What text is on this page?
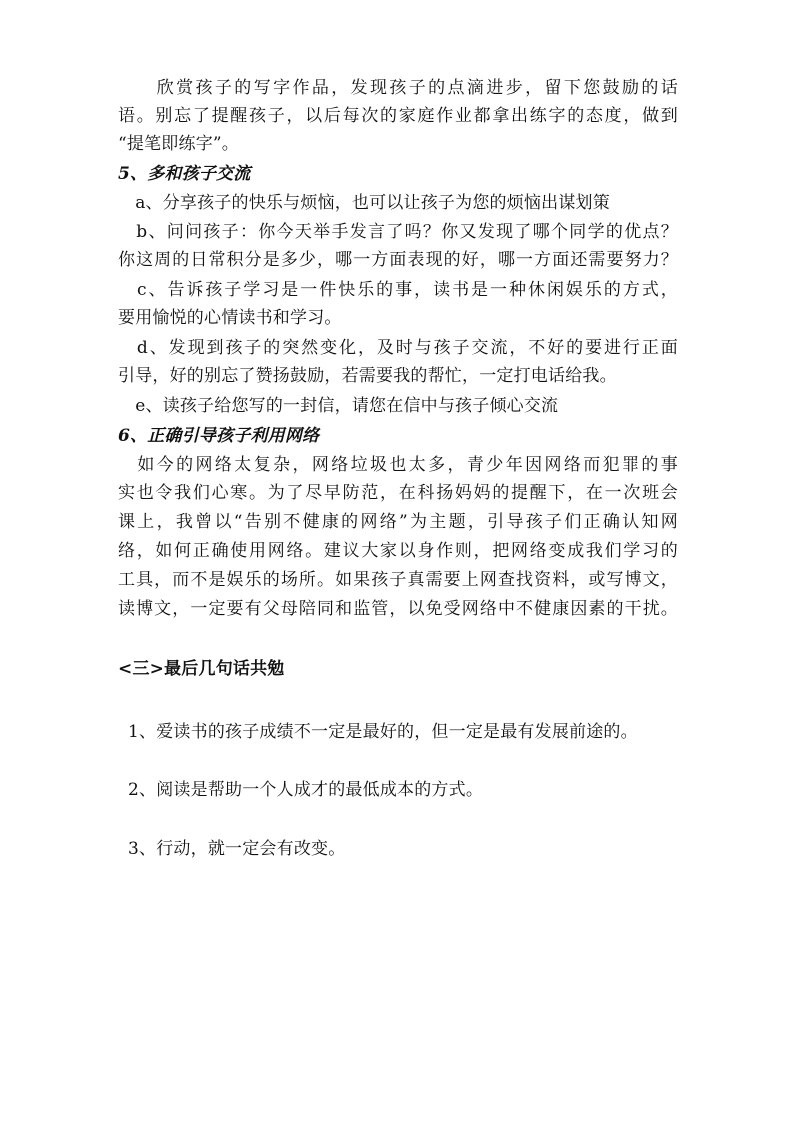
　　欣赏孩子的写字作品，发现孩子的点滴进步，留下您鼓励的话
语。别忘了提醒孩子，以后每次的家庭作业都拿出练字的态度，做到
“提笔即练字”。
5、多和孩子交流
　a、分享孩子的快乐与烦恼，也可以让孩子为您的烦恼出谋划策
　b、问问孩子：你今天举手发言了吗？你又发现了哪个同学的优点？
你这周的日常积分是多少，哪一方面表现的好，哪一方面还需要努力？
　c、告诉孩子学习是一件快乐的事，读书是一种休闲娱乐的方式，
要用愉悦的心情读书和学习。
　d、发现到孩子的突然变化，及时与孩子交流，不好的要进行正面
引导，好的别忘了赞扬鼓励，若需要我的帮忙，一定打电话给我。
　e、读孩子给您写的一封信，请您在信中与孩子倾心交流
6、正确引导孩子利用网络
　如今的网络太复杂，网络垃圾也太多，青少年因网络而犯罪的事
实也令我们心寒。为了尽早防范，在科扬妈妈的提醒下，在一次班会
课上，我曾以“告别不健康的网络”为主题，引导孩子们正确认知网
络，如何正确使用网络。建议大家以身作则，把网络变成我们学习的
工具，而不是娱乐的场所。如果孩子真需要上网查找资料，或写博文，
读博文，一定要有父母陪同和监管，以免受网络中不健康因素的干扰。
<三>最后几句话共勉
1、爱读书的孩子成绩不一定是最好的，但一定是最有发展前途的。
2、阅读是帮助一个人成才的最低成本的方式。
3、行动，就一定会有改变。
